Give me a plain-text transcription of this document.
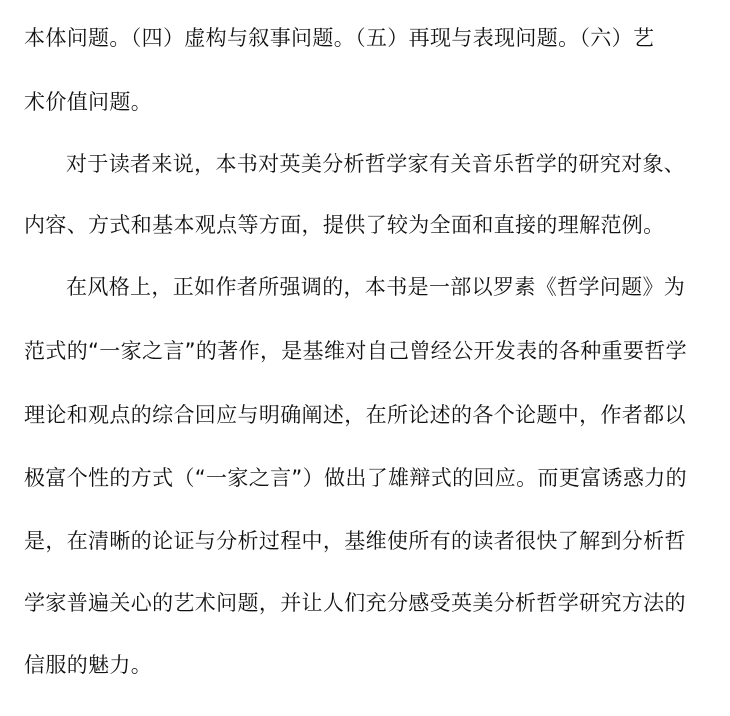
本体问题。（四）虚构与叙事问题。（五）再现与表现问题。（六）艺
术价值问题。
对于读者来说，本书对英美分析哲学家有关音乐哲学的研究对象、
内容、方式和基本观点等方面，提供了较为全面和直接的理解范例。
在风格上，正如作者所强调的，本书是一部以罗素《哲学问题》为
范式的“一家之言”的著作，是基维对自己曾经公开发表的各种重要哲学
理论和观点的综合回应与明确阐述，在所论述的各个论题中，作者都以
极富个性的方式（“一家之言”）做出了雄辩式的回应。而更富诱惑力的
是，在清晰的论证与分析过程中，基维使所有的读者很快了解到分析哲
学家普遍关心的艺术问题，并让人们充分感受英美分析哲学研究方法的
信服的魅力。
